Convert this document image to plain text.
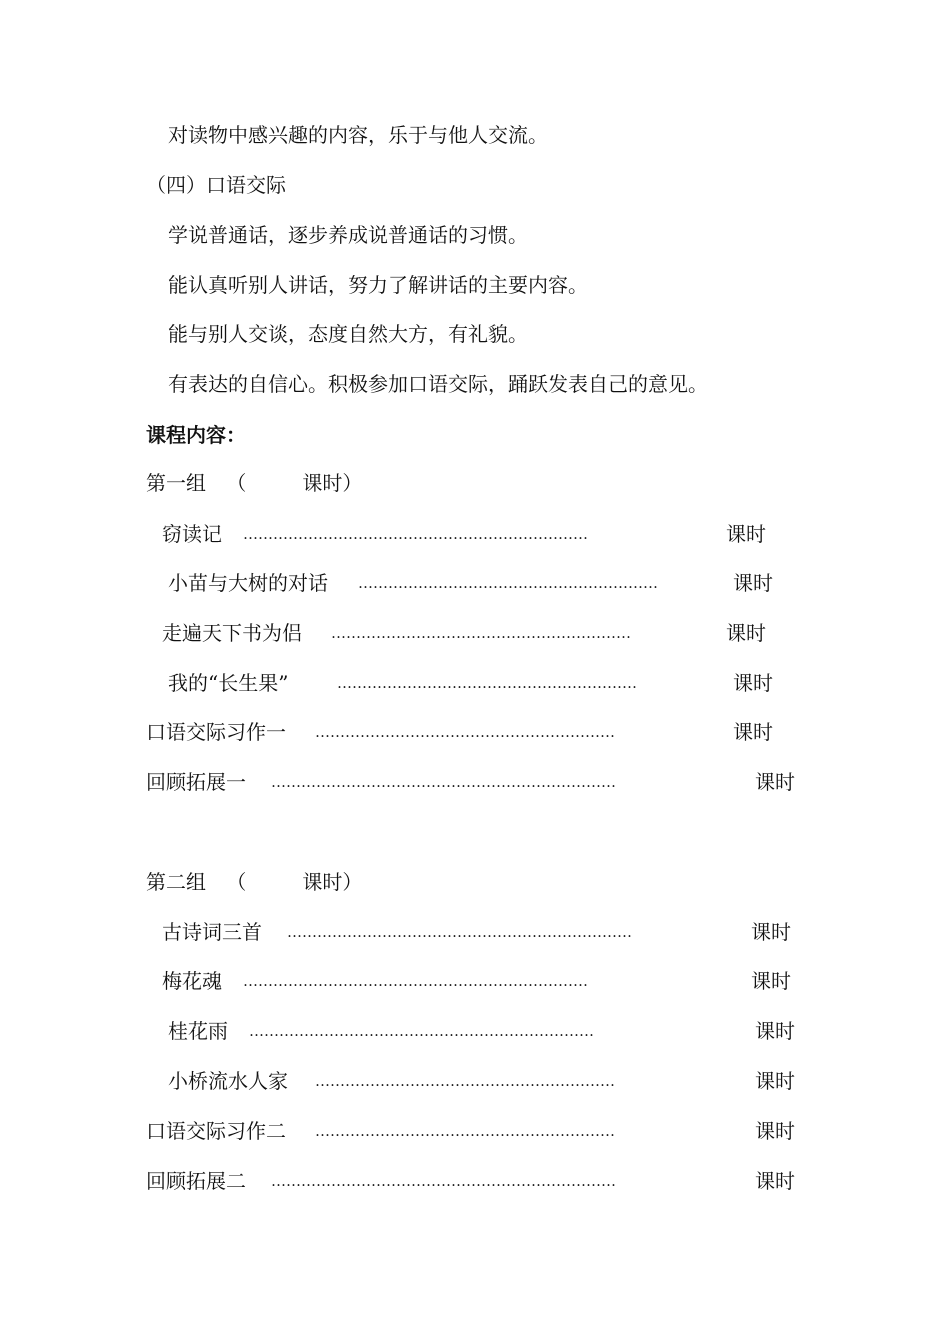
对读物中感兴趣的内容，乐于与他人交流。
（四）口语交际
学说普通话，逐步养成说普通话的习惯。
能认真听别人讲话，努力了解讲话的主要内容。
能与别人交谈，态度自然大方，有礼貌。
有表达的自信心。积极参加口语交际，踊跃发表自己的意见。
课程内容：
第一组 （	课时）
窃读记 ……………………………………………………………	课时
小苗与大树的对话 ……………………………………………………	课时
走遍天下书为侣 ……………………………………………………	课时
我的“长生果”	……………………………………………………	课时
口语交际习作一 ……………………………………………………	课时
回顾拓展一 ……………………………………………………………	课时
第二组 （	课时）
古诗词三首 ……………………………………………………………	课时
梅花魂 ……………………………………………………………	课时
桂花雨 ……………………………………………………………	课时
小桥流水人家 ……………………………………………………	课时
口语交际习作二 ……………………………………………………	课时
回顾拓展二 ……………………………………………………………	课时
